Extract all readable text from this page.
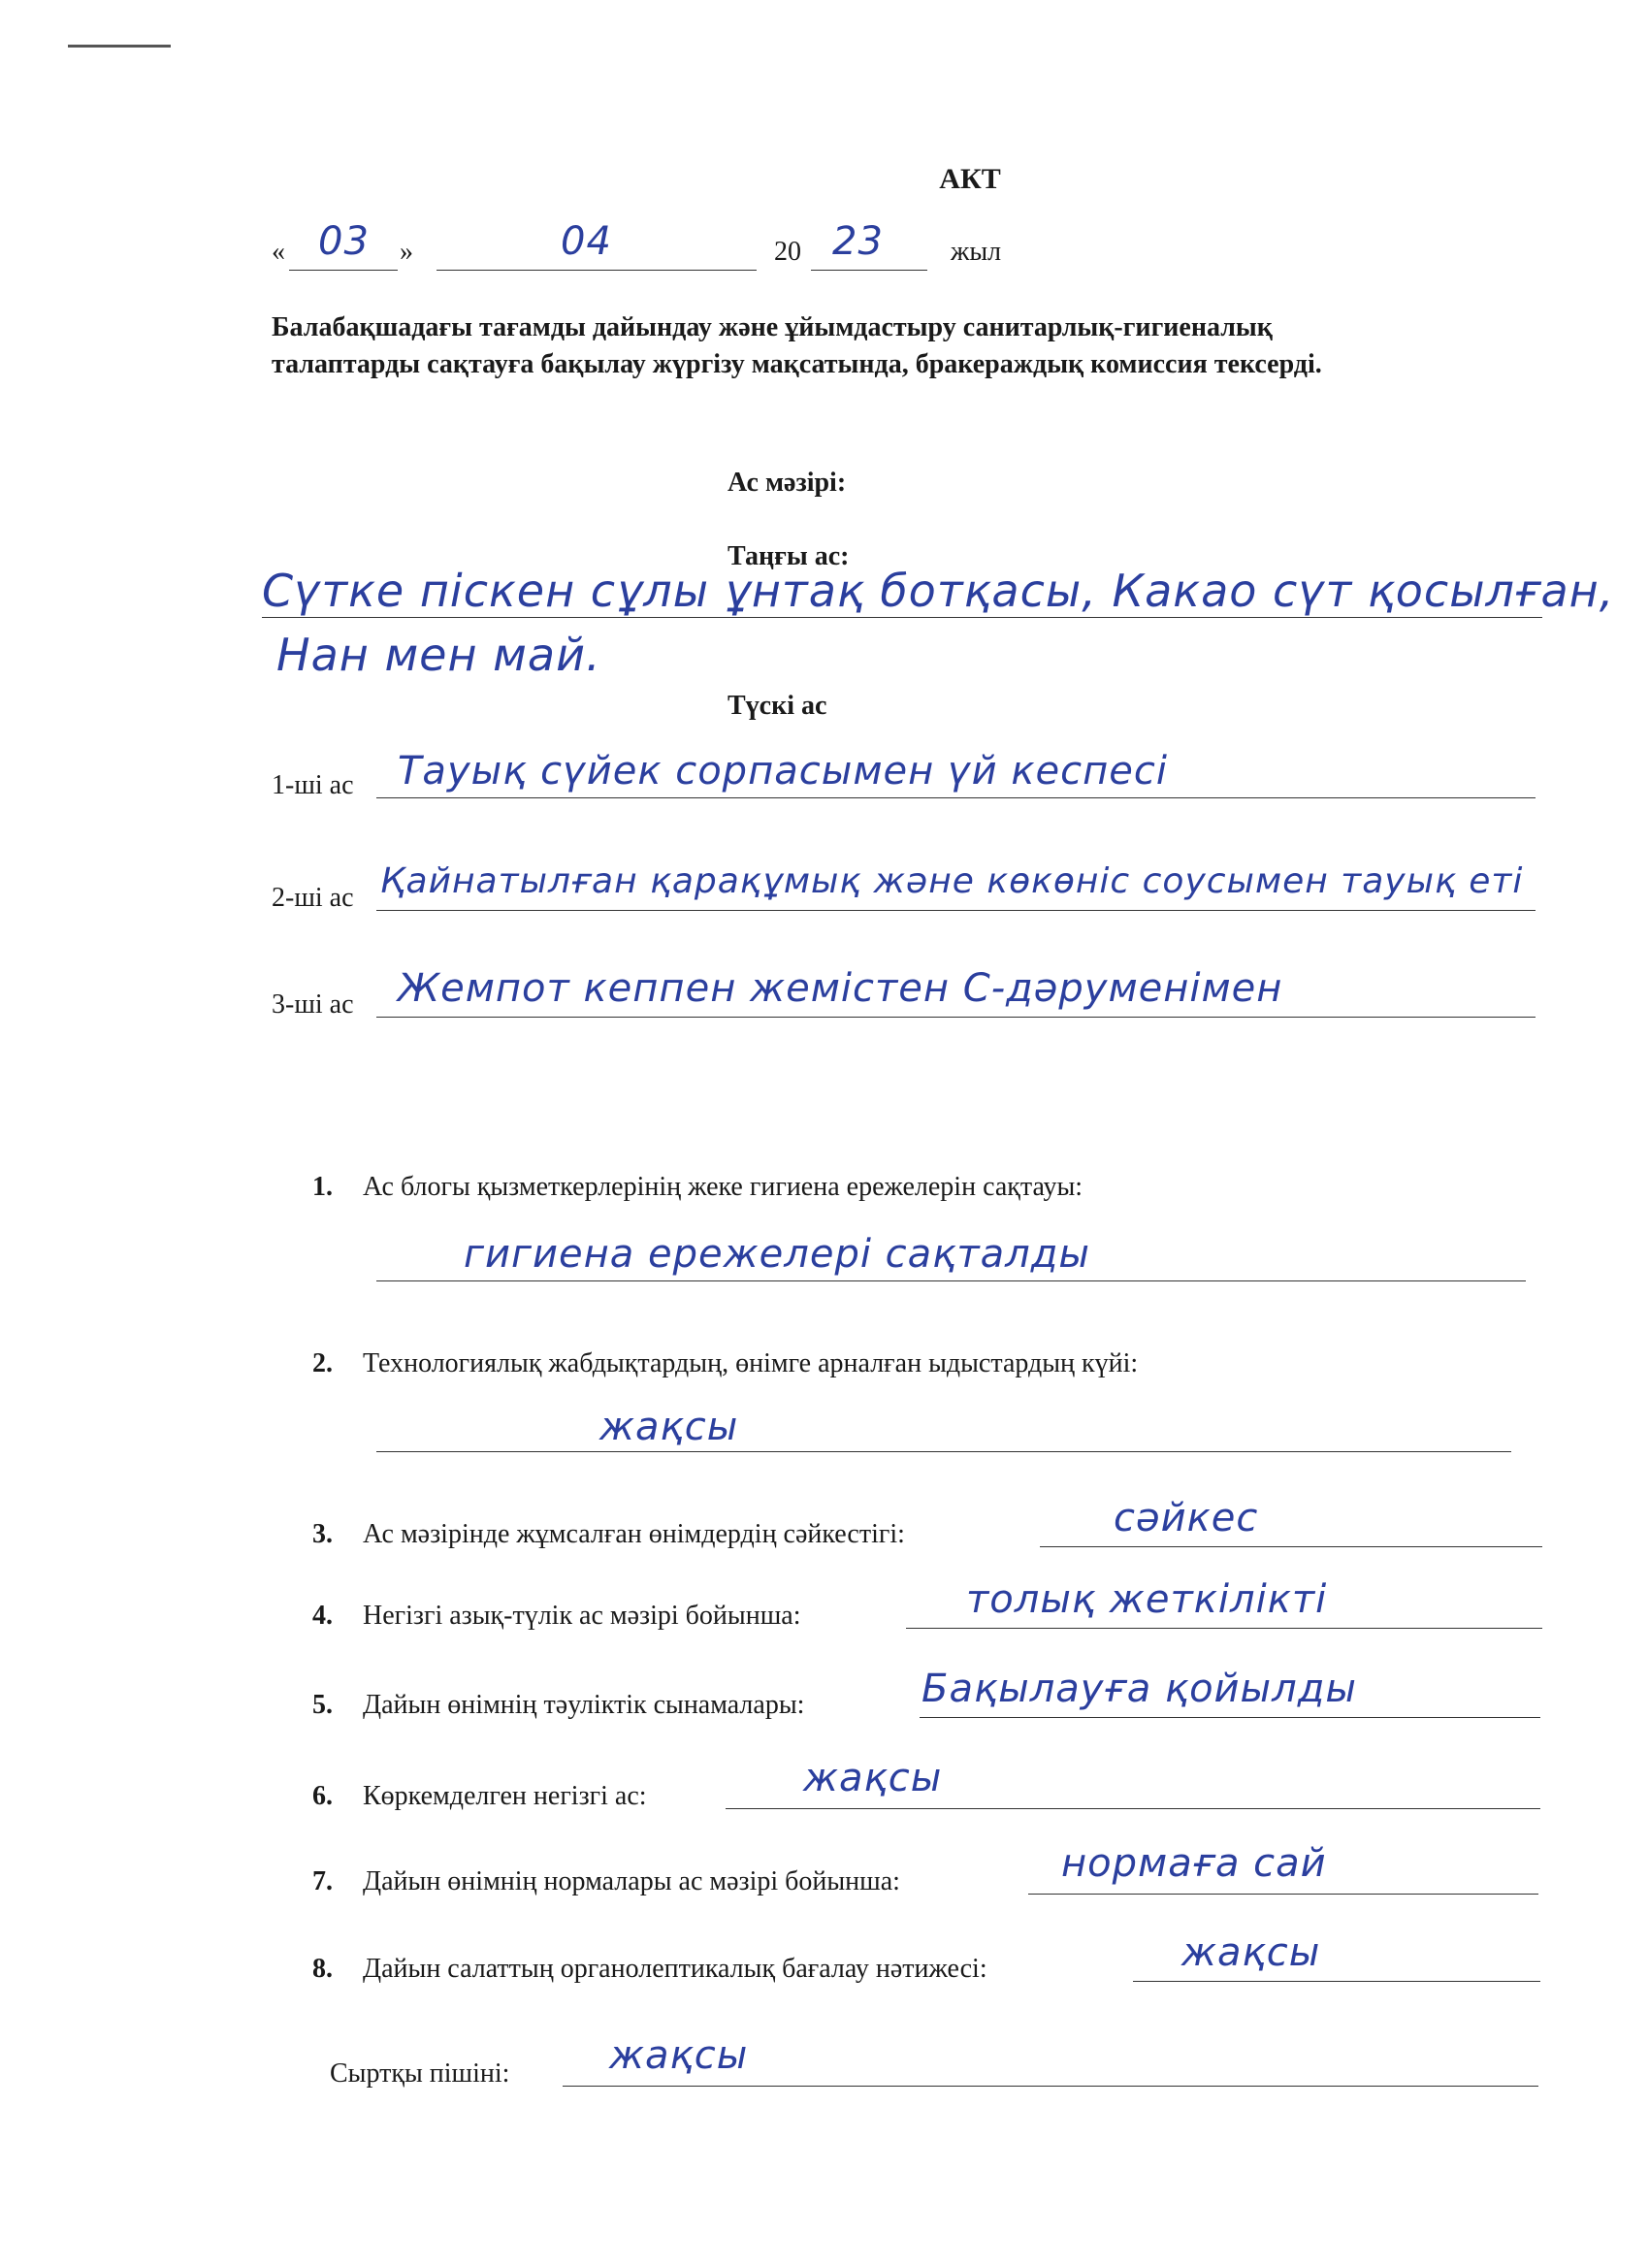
АКТ
« 03 »	04	20 23 жыл
Балабақшадағы тағамды дайындау және ұйымдастыру санитарлық-гигиеналық
талаптарды сақтауға бақылау жүргізу мақсатында, бракераждық комиссия тексерді.
Ас мәзірі:
Таңғы ас:
Сүтке піскен сұлы ұнтақ ботқасы, Какао сүт қосылған,
Нан мен май.
Түскі ас
1-ші ас Тауық сүйек сорпасымен үй кеспесі
2-ші ас Қайнатылған қарақұмық және көкөніс соусымен тауық еті
3-ші ас Жемпот кеппен жемістен С-дәруменімен
1. Ас блогы қызметкерлерінің жеке гигиена ережелерін сақтауы:
гигиена ережелері сақталды
2. Технологиялық жабдықтардың, өнімге арналған ыдыстардың күйі:
жақсы
3. Ас мәзірінде жұмсалған өнімдердің сәйкестігі:	сәйкес
4. Негізгі азық-түлік ас мәзірі бойынша:	толық жеткілікті
5. Дайын өнімнің тәуліктік сынамалары:	Бақылауға қойылды
6. Көркемделген негізгі ас:	жақсы
7. Дайын өнімнің нормалары ас мәзірі бойынша:	нормаға сай
8. Дайын салаттың органолептикалық бағалау нәтижесі:	жақсы
Сыртқы пішіні:	жақсы
